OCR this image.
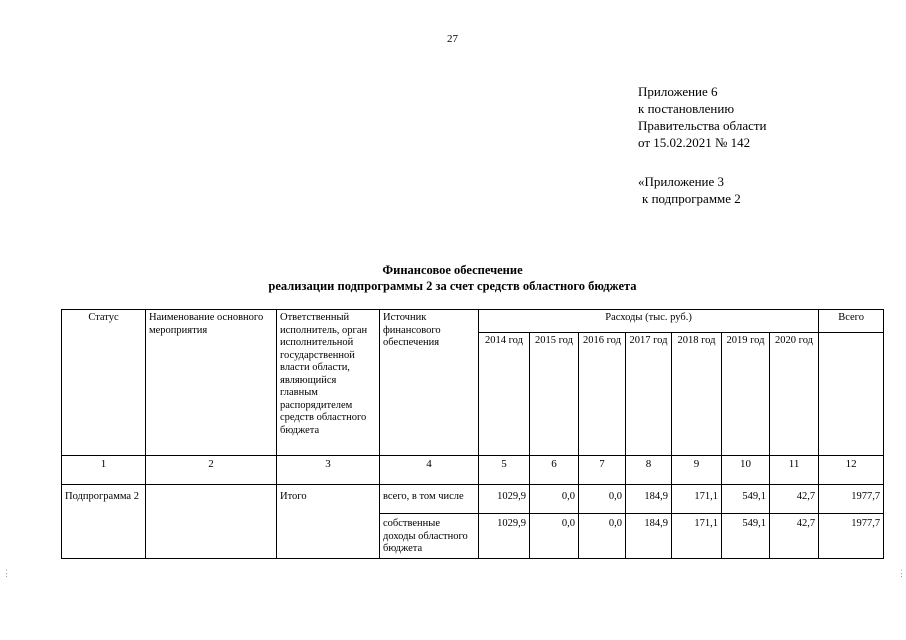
27
Приложение 6
к постановлению
Правительства области
от 15.02.2021 № 142
«Приложение 3
к подпрограмме 2
Финансовое обеспечение
реализации подпрограммы 2 за счет средств областного бюджета
Статус	Наименование основного мероприятия	Ответственный исполнитель, орган исполнительной государственной власти области, являющийся главным распорядителем средств областного бюджета	Источник финансового обеспечения	Расходы (тыс. руб.)							Всего
				2014 год	2015 год	2016 год	2017 год	2018 год	2019 год	2020 год	
1	2	3	4	5	6	7	8	9	10	11	12
Подпрограмма 2		Итого	всего, в том числе	1029,9	0,0	0,0	184,9	171,1	549,1	42,7	1977,7
			собственные доходы областного бюджета	1029,9	0,0	0,0	184,9	171,1	549,1	42,7	1977,7
⋮	⋮
